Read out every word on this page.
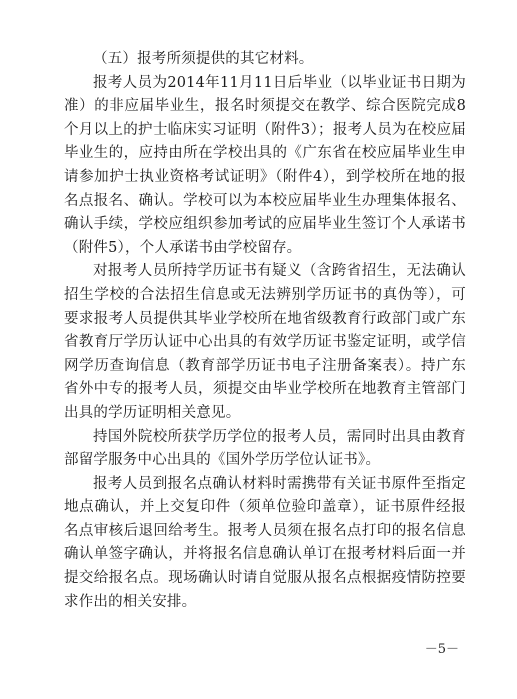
（五）报考所须提供的其它材料。

报考人员为2014年11月11日后毕业（以毕业证书日期为准）的非应届毕业生，报名时须提交在教学、综合医院完成8个月以上的护士临床实习证明（附件3）；报考人员为在校应届毕业生的，应持由所在学校出具的《广东省在校应届毕业生申请参加护士执业资格考试证明》（附件4），到学校所在地的报名点报名、确认。学校可以为本校应届毕业生办理集体报名、确认手续，学校应组织参加考试的应届毕业生签订个人承诺书（附件5），个人承诺书由学校留存。

对报考人员所持学历证书有疑义（含跨省招生，无法确认招生学校的合法招生信息或无法辨别学历证书的真伪等），可要求报考人员提供其毕业学校所在地省级教育行政部门或广东省教育厅学历认证中心出具的有效学历证书鉴定证明，或学信网学历查询信息（教育部学历证书电子注册备案表）。持广东省外中专的报考人员，须提交由毕业学校所在地教育主管部门出具的学历证明相关意见。

持国外院校所获学历学位的报考人员，需同时出具由教育部留学服务中心出具的《国外学历学位认证书》。

报考人员到报名点确认材料时需携带有关证书原件至指定地点确认，并上交复印件（须单位验印盖章），证书原件经报名点审核后退回给考生。报考人员须在报名点打印的报名信息确认单签字确认，并将报名信息确认单订在报考材料后面一并提交给报名点。现场确认时请自觉服从报名点根据疫情防控要求作出的相关安排。

－5－
